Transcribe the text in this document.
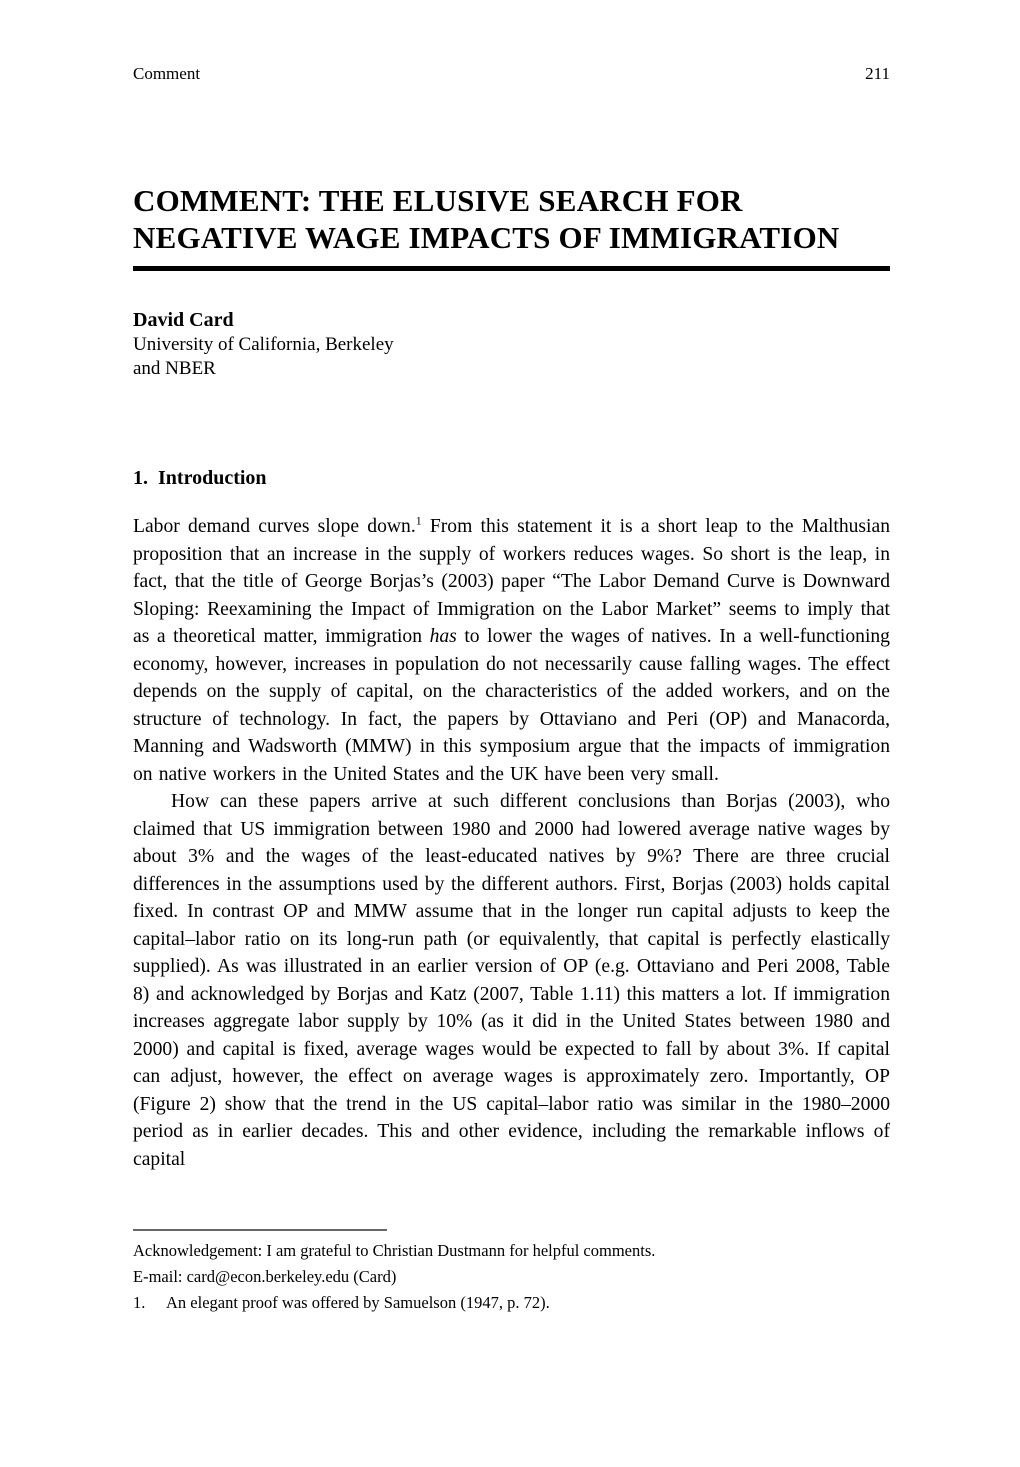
Comment	211
COMMENT: THE ELUSIVE SEARCH FOR
NEGATIVE WAGE IMPACTS OF IMMIGRATION
David Card
University of California, Berkeley
and NBER
1. Introduction

Labor demand curves slope down.$^1$ From this statement it is a short leap to the Malthusian proposition that an increase in the supply of workers reduces wages. So short is the leap, in fact, that the title of George Borjas’s (2003) paper “The Labor Demand Curve is Downward Sloping: Reexamining the Impact of Immigration on the Labor Market” seems to imply that as a theoretical matter, immigration has to lower the wages of natives. In a well-functioning economy, however, increases in population do not necessarily cause falling wages. The effect depends on the supply of capital, on the characteristics of the added workers, and on the structure of technology. In fact, the papers by Ottaviano and Peri (OP) and Manacorda, Manning and Wadsworth (MMW) in this symposium argue that the impacts of immigration on native workers in the United States and the UK have been very small.

How can these papers arrive at such different conclusions than Borjas (2003), who claimed that US immigration between 1980 and 2000 had lowered average native wages by about 3% and the wages of the least-educated natives by 9%? There are three crucial differences in the assumptions used by the different authors. First, Borjas (2003) holds capital fixed. In contrast OP and MMW assume that in the longer run capital adjusts to keep the capital–labor ratio on its long-run path (or equivalently, that capital is perfectly elastically supplied). As was illustrated in an earlier version of OP (e.g. Ottaviano and Peri 2008, Table 8) and acknowledged by Borjas and Katz (2007, Table 1.11) this matters a lot. If immigration increases aggregate labor supply by 10% (as it did in the United States between 1980 and 2000) and capital is fixed, average wages would be expected to fall by about 3%. If capital can adjust, however, the effect on average wages is approximately zero. Importantly, OP (Figure 2) show that the trend in the US capital–labor ratio was similar in the 1980–2000 period as in earlier decades. This and other evidence, including the remarkable inflows of capital

Acknowledgement: I am grateful to Christian Dustmann for helpful comments.

E-mail: card@econ.berkeley.edu (Card)

1.	An elegant proof was offered by Samuelson (1947, p. 72).
